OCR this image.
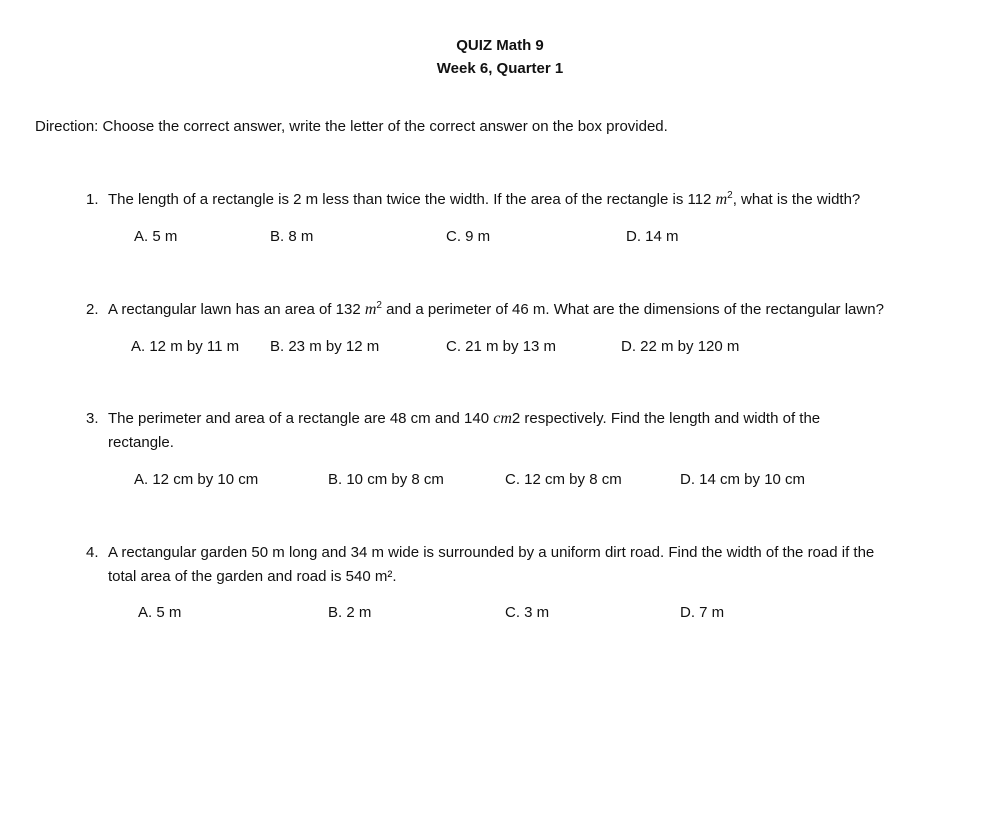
QUIZ Math 9
Week 6, Quarter 1
Direction: Choose the correct answer, write the letter of the correct answer on the box provided.
1. The length of a rectangle is 2 m less than twice the width. If the area of the rectangle is 112 $m^2$, what is the width?
A. 5 m	B. 8 m	C. 9 m	D. 14 m
2. A rectangular lawn has an area of 132 $m^2$ and a perimeter of 46 m. What are the dimensions of the rectangular lawn?
A. 12 m by 11 m B. 23 m by 12 m	C. 21 m by 13 m	D. 22 m by 120 m
3. The perimeter and area of a rectangle are 48 cm and 140 cm2 respectively. Find the length and width of the
rectangle.
A. 12 cm by 10 cm	B. 10 cm by 8 cm	C. 12 cm by 8 cm	D. 14 cm by 10 cm
4. A rectangular garden 50 m long and 34 m wide is surrounded by a uniform dirt road. Find the width of the road if the
total area of the garden and road is 540 m².
A. 5 m	B. 2 m	C. 3 m	D. 7 m
